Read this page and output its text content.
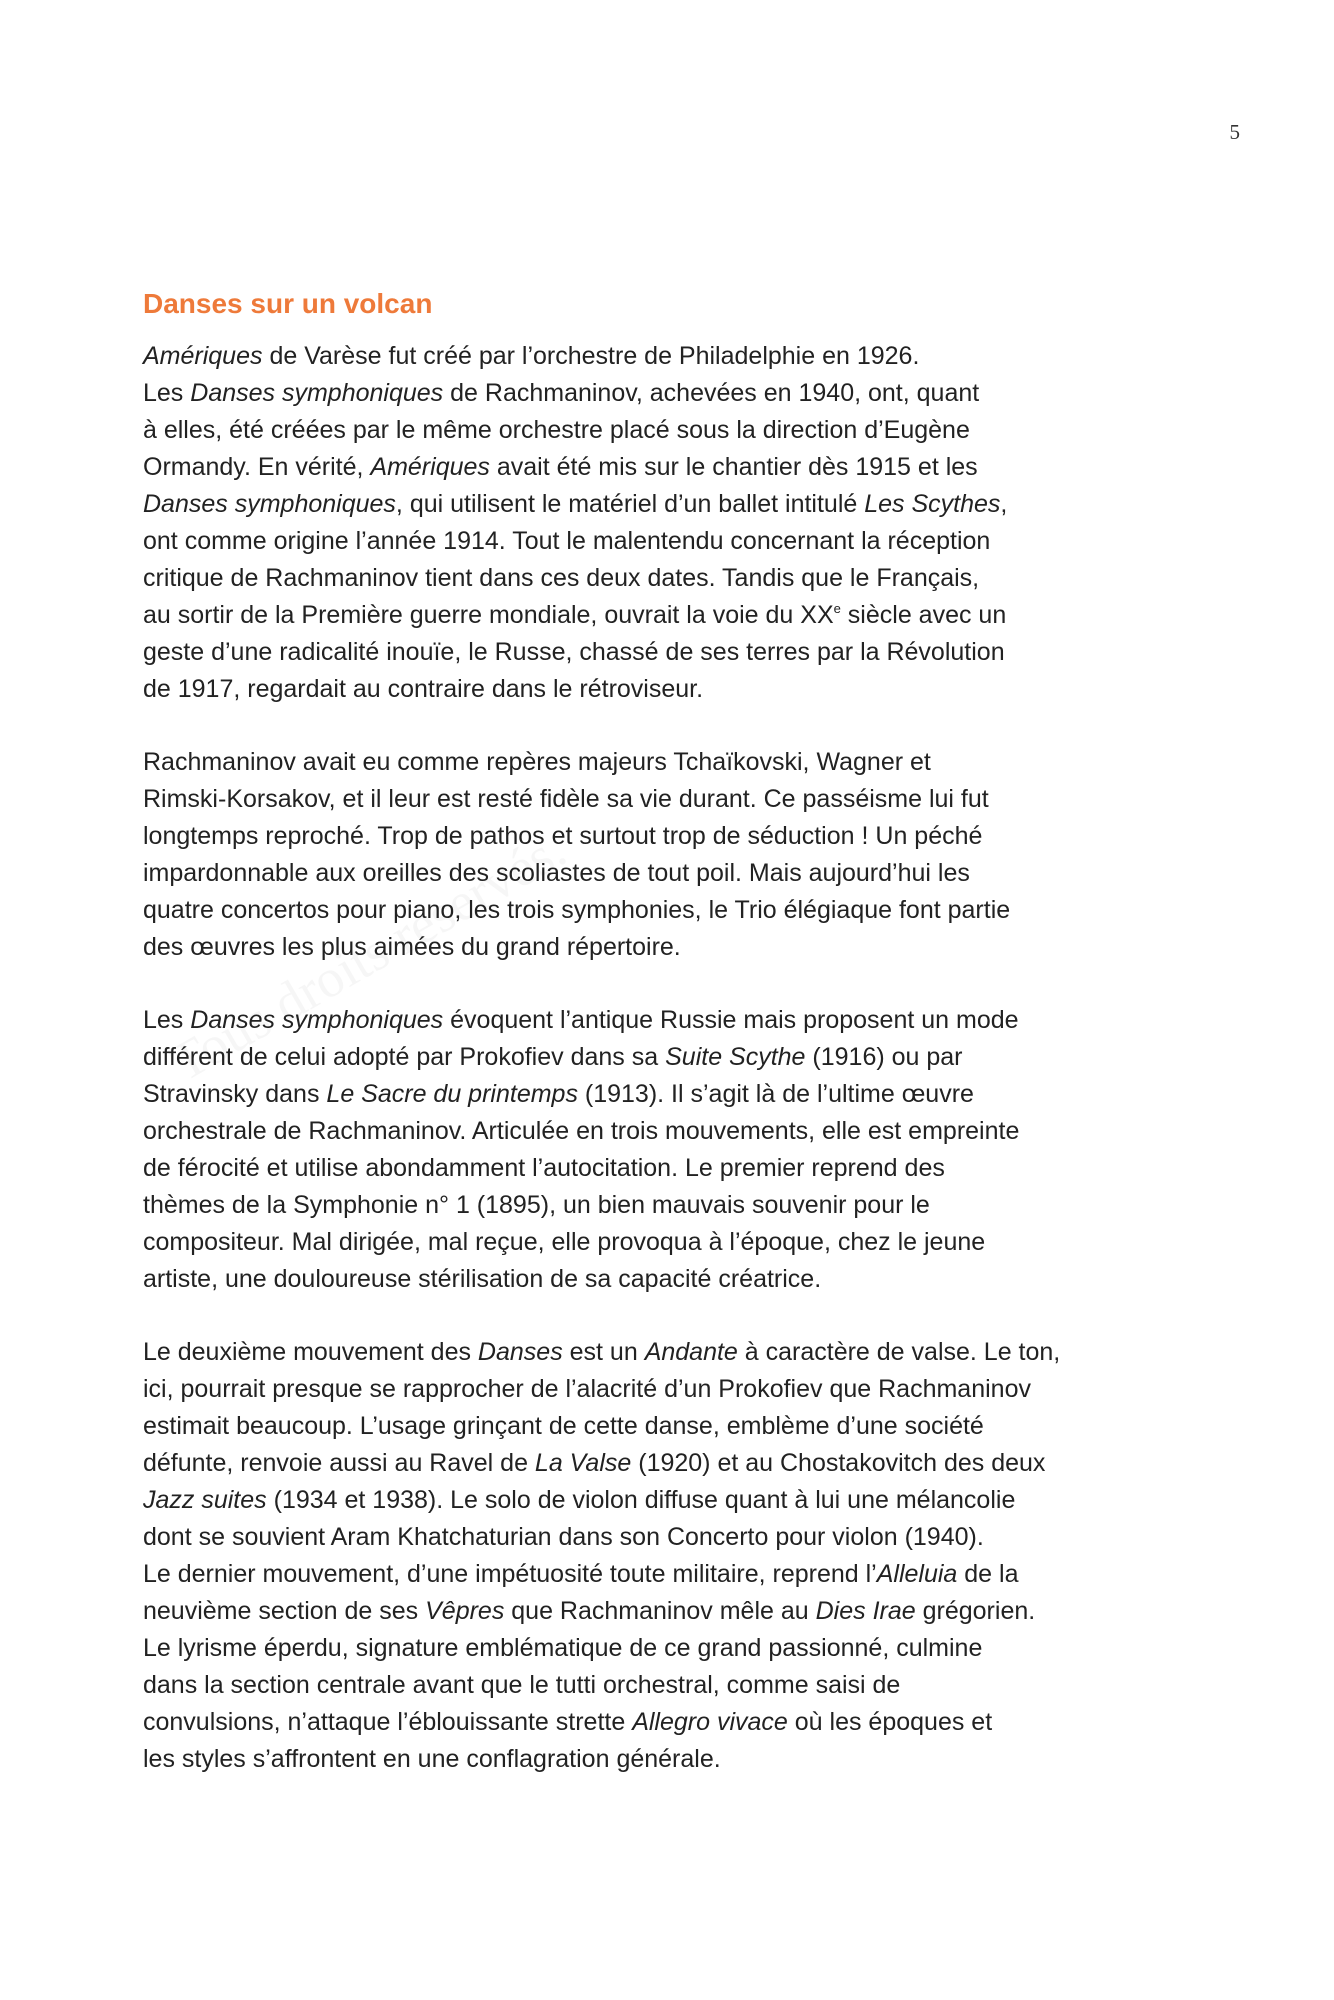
5
Danses sur un volcan

Amériques de Varèse fut créé par l’orchestre de Philadelphie en 1926.
Les Danses symphoniques de Rachmaninov, achevées en 1940, ont, quant
à elles, été créées par le même orchestre placé sous la direction d’Eugène
Ormandy. En vérité, Amériques avait été mis sur le chantier dès 1915 et les
Danses symphoniques, qui utilisent le matériel d’un ballet intitulé Les Scythes,
ont comme origine l’année 1914. Tout le malentendu concernant la réception
critique de Rachmaninov tient dans ces deux dates. Tandis que le Français,
au sortir de la Première guerre mondiale, ouvrait la voie du XXe siècle avec un
geste d’une radicalité inouïe, le Russe, chassé de ses terres par la Révolution
de 1917, regardait au contraire dans le rétroviseur.

Rachmaninov avait eu comme repères majeurs Tchaïkovski, Wagner et
Rimski-Korsakov, et il leur est resté fidèle sa vie durant. Ce passéisme lui fut
longtemps reproché. Trop de pathos et surtout trop de séduction ! Un péché
impardonnable aux oreilles des scoliastes de tout poil. Mais aujourd’hui les
quatre concertos pour piano, les trois symphonies, le Trio élégiaque font partie
des œuvres les plus aimées du grand répertoire.

Les Danses symphoniques évoquent l’antique Russie mais proposent un mode
différent de celui adopté par Prokofiev dans sa Suite Scythe (1916) ou par
Stravinsky dans Le Sacre du printemps (1913). Il s’agit là de l’ultime œuvre
orchestrale de Rachmaninov. Articulée en trois mouvements, elle est empreinte
de férocité et utilise abondamment l’autocitation. Le premier reprend des
thèmes de la Symphonie n° 1 (1895), un bien mauvais souvenir pour le
compositeur. Mal dirigée, mal reçue, elle provoqua à l’époque, chez le jeune
artiste, une douloureuse stérilisation de sa capacité créatrice.

Le deuxième mouvement des Danses est un Andante à caractère de valse. Le ton,
ici, pourrait presque se rapprocher de l’alacrité d’un Prokofiev que Rachmaninov
estimait beaucoup. L’usage grinçant de cette danse, emblème d’une société
défunte, renvoie aussi au Ravel de La Valse (1920) et au Chostakovitch des deux
Jazz suites (1934 et 1938). Le solo de violon diffuse quant à lui une mélancolie
dont se souvient Aram Khatchaturian dans son Concerto pour violon (1940).
Le dernier mouvement, d’une impétuosité toute militaire, reprend l’Alleluia de la
neuvième section de ses Vêpres que Rachmaninov mêle au Dies Irae grégorien.
Le lyrisme éperdu, signature emblématique de ce grand passionné, culmine
dans la section centrale avant que le tutti orchestral, comme saisi de
convulsions, n’attaque l’éblouissante strette Allegro vivace où les époques et
les styles s’affrontent en une conflagration générale.
